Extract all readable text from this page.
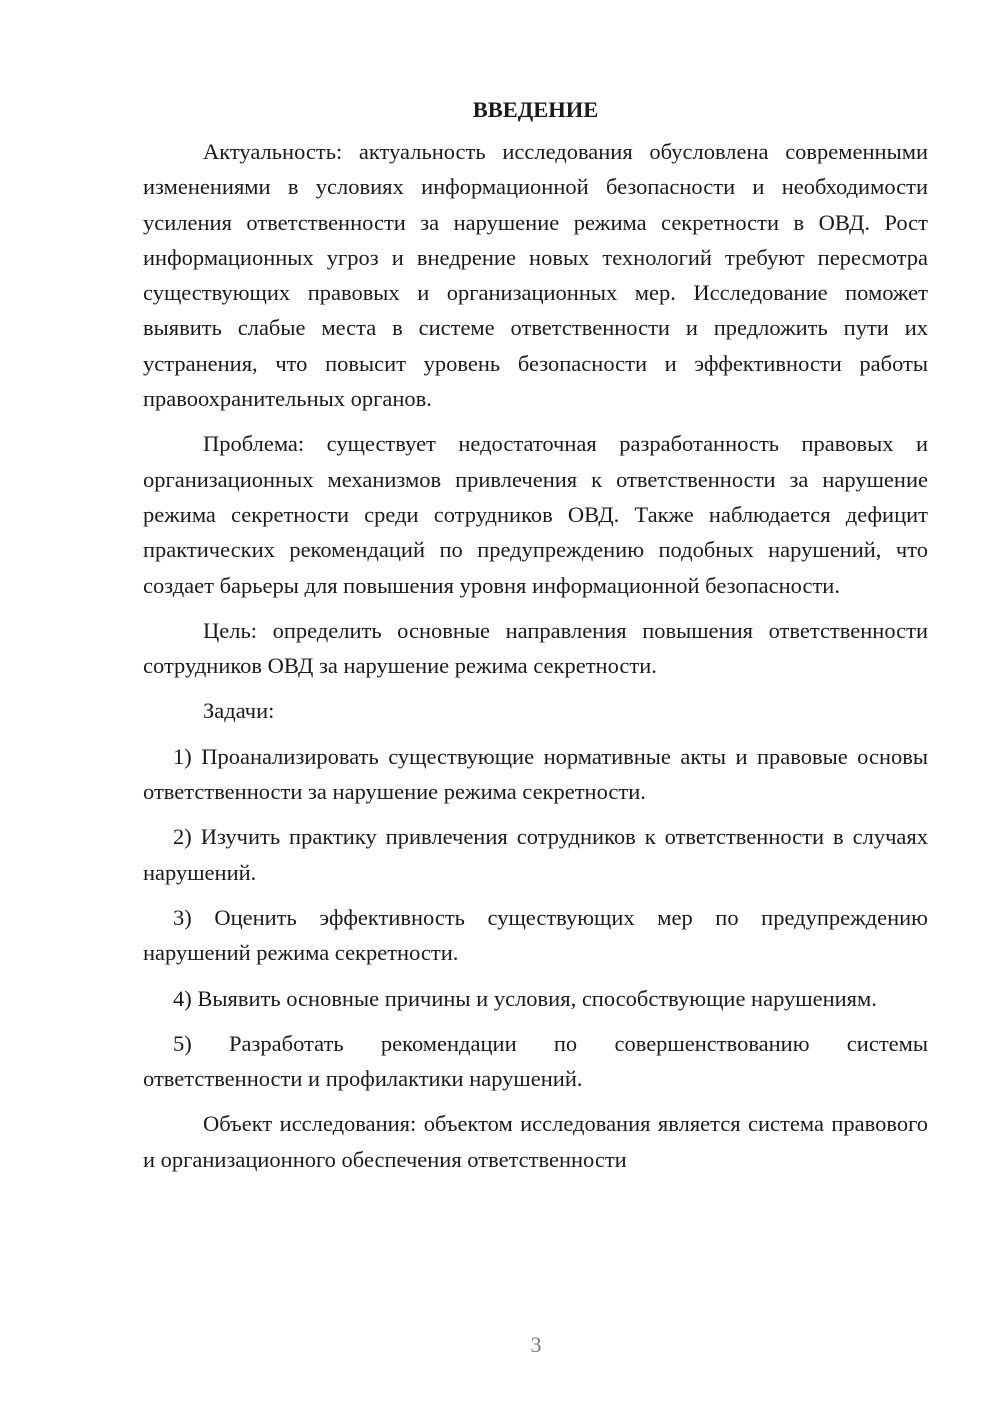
ВВЕДЕНИЕ

Актуальность: актуальность исследования обусловлена современными изменениями в условиях информационной безопасности и необходимости усиления ответственности за нарушение режима секретности в ОВД. Рост информационных угроз и внедрение новых технологий требуют пересмотра существующих правовых и организационных мер. Исследование поможет выявить слабые места в системе ответственности и предложить пути их устранения, что повысит уровень безопасности и эффективности работы правоохранительных органов.

Проблема: существует недостаточная разработанность правовых и организационных механизмов привлечения к ответственности за нарушение режима секретности среди сотрудников ОВД. Также наблюдается дефицит практических рекомендаций по предупреждению подобных нарушений, что создает барьеры для повышения уровня информационной безопасности.

Цель: определить основные направления повышения ответственности сотрудников ОВД за нарушение режима секретности.

Задачи:

1) Проанализировать существующие нормативные акты и правовые основы ответственности за нарушение режима секретности.

2) Изучить практику привлечения сотрудников к ответственности в случаях нарушений.

3) Оценить эффективность существующих мер по предупреждению нарушений режима секретности.

4) Выявить основные причины и условия, способствующие нарушениям.

5) Разработать рекомендации по совершенствованию системы ответственности и профилактики нарушений.

Объект исследования: объектом исследования является система правового и организационного обеспечения ответственности

3
